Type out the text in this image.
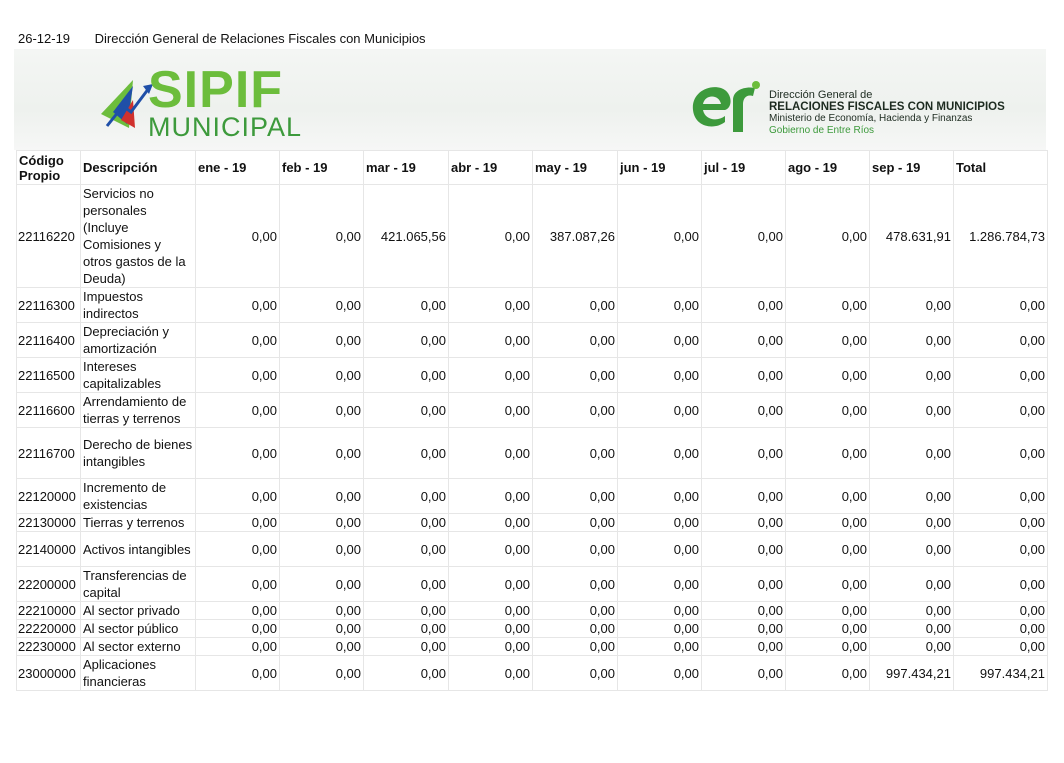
26-12-19 Dirección General de Relaciones Fiscales con Municipios
SIPIF
MUNICIPAL
Dirección General de
RELACIONES FISCALES CON MUNICIPIOS
Ministerio de Economía, Hacienda y Finanzas
Gobierno de Entre Ríos
Código Propio	Descripción	ene - 19	feb - 19	mar - 19	abr - 19	may - 19	jun - 19	jul - 19	ago - 19	sep - 19	Total
22116220	Servicios no personales (Incluye Comisiones y otros gastos de la Deuda)	0,00	0,00	421.065,56	0,00	387.087,26	0,00	0,00	0,00	478.631,91	1.286.784,73
22116300	Impuestos indirectos	0,00	0,00	0,00	0,00	0,00	0,00	0,00	0,00	0,00	0,00
22116400	Depreciación y amortización	0,00	0,00	0,00	0,00	0,00	0,00	0,00	0,00	0,00	0,00
22116500	Intereses capitalizables	0,00	0,00	0,00	0,00	0,00	0,00	0,00	0,00	0,00	0,00
22116600	Arrendamiento de tierras y terrenos	0,00	0,00	0,00	0,00	0,00	0,00	0,00	0,00	0,00	0,00
22116700	Derecho de bienes intangibles	0,00	0,00	0,00	0,00	0,00	0,00	0,00	0,00	0,00	0,00
22120000	Incremento de existencias	0,00	0,00	0,00	0,00	0,00	0,00	0,00	0,00	0,00	0,00
22130000	Tierras y terrenos	0,00	0,00	0,00	0,00	0,00	0,00	0,00	0,00	0,00	0,00
22140000	Activos intangibles	0,00	0,00	0,00	0,00	0,00	0,00	0,00	0,00	0,00	0,00
22200000	Transferencias de capital	0,00	0,00	0,00	0,00	0,00	0,00	0,00	0,00	0,00	0,00
22210000	Al sector privado	0,00	0,00	0,00	0,00	0,00	0,00	0,00	0,00	0,00	0,00
22220000	Al sector público	0,00	0,00	0,00	0,00	0,00	0,00	0,00	0,00	0,00	0,00
22230000	Al sector externo	0,00	0,00	0,00	0,00	0,00	0,00	0,00	0,00	0,00	0,00
23000000	Aplicaciones financieras	0,00	0,00	0,00	0,00	0,00	0,00	0,00	0,00	997.434,21	997.434,21
